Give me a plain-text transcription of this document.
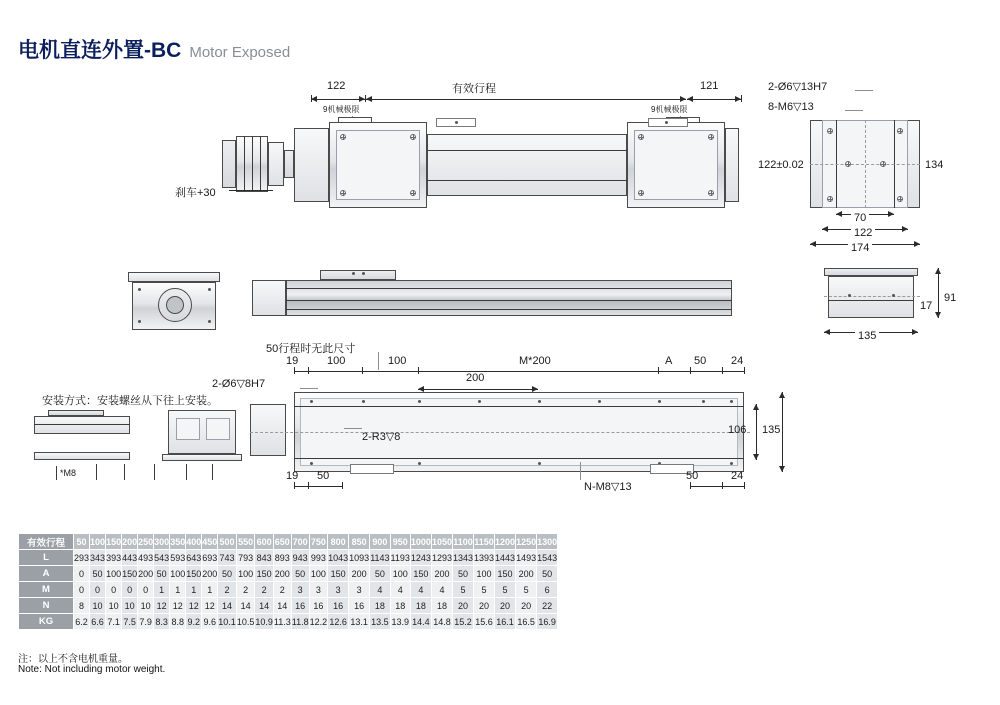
电机直连外置-BC Motor Exposed
122	有效行程	121
9机械极限	9机械极限
刹车+30
2-Ø6▽13H7
8-M6▽13
122±0.02	134
70
122
174
17
91
135
安装方式：安装螺丝从下往上安装。
*M8
50行程时无此尺寸
19	100	100	M*200	A 50 24
200
2-Ø6▽8H7
2-R3▽8
N-M8▽13
19 50	50	24
106 135
有效行程	50	100	150	200	250	300	350	400	450	500	550	600	650	700	750	800	850	900	950	1000	1050	1100	1150	1200	1250	1300
L	293	343	393	443	493	543	593	643	693	743	793	843	893	943	993	1043	1093	1143	1193	1243	1293	1343	1393	1443	1493	1543
A	0	50	100	150	200	50	100	150	200	50	100	150	200	50	100	150	200	50	100	150	200	50	100	150	200	50
M	0	0	0	0	0	1	1	1	1	2	2	2	2	3	3	3	3	4	4	4	4	5	5	5	5	6
N	8	10	10	10	10	12	12	12	12	14	14	14	14	16	16	16	16	18	18	18	18	20	20	20	20	22
KG	6.2	6.6	7.1	7.5	7.9	8.3	8.8	9.2	9.6	10.1	10.5	10.9	11.3	11.8	12.2	12.6	13.1	13.5	13.9	14.4	14.8	15.2	15.6	16.1	16.5	16.9
注：以上不含电机重量。
Note: Not including motor weight.
